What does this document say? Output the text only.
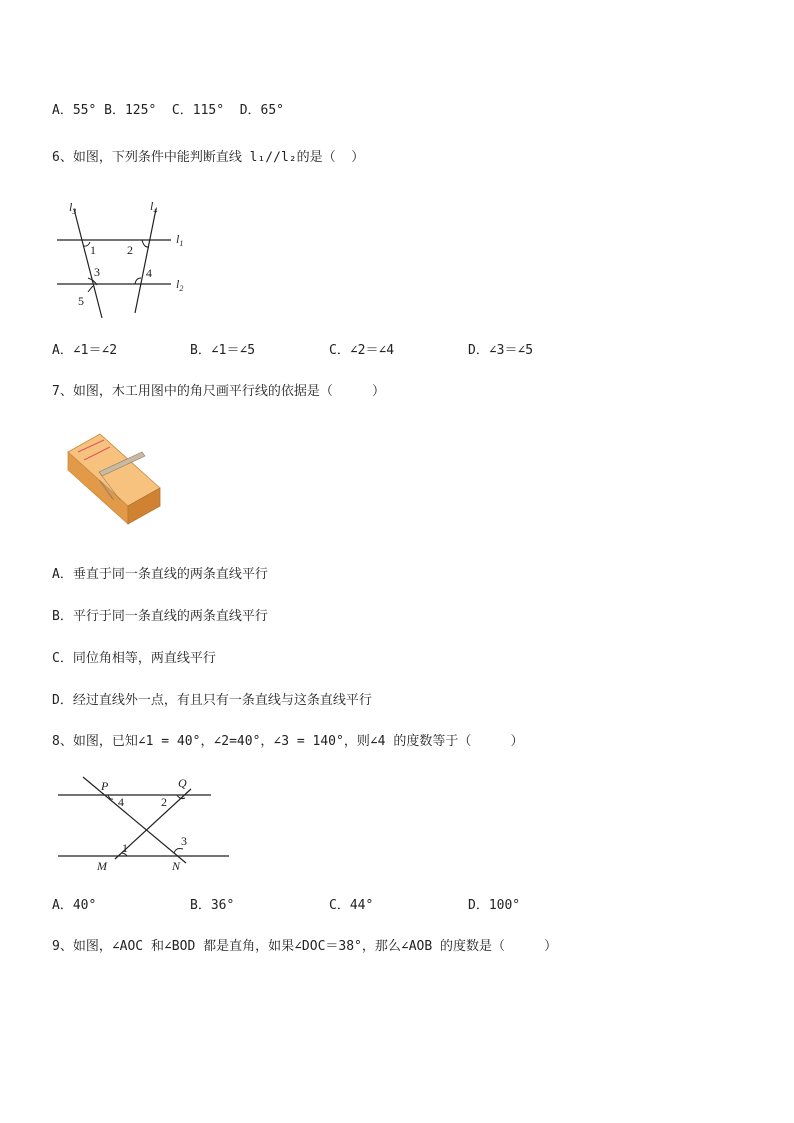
A．55° B．125°  C．115°  D．65°
6、如图，下列条件中能判断直线 l₁∕∕l₂的是（  ）
$l_3$	$l_4$
$l_1$
$l_2$
1	2
3	4
5
A．∠1＝∠2	B．∠1＝∠5	C．∠2＝∠4	D．∠3＝∠5
7、如图，木工用图中的角尺画平行线的依据是（     ）
A．垂直于同一条直线的两条直线平行
B．平行于同一条直线的两条直线平行
C．同位角相等，两直线平行
D．经过直线外一点，有且只有一条直线与这条直线平行
8、如图，已知∠1 = 40°，∠2=40°，∠3 = 140°，则∠4 的度数等于（     ）
P	Q
M	N
1
2
3
4
A．40°	B．36°	C．44°	D．100°
9、如图，∠AOC 和∠BOD 都是直角，如果∠DOC＝38°，那么∠AOB 的度数是（     ）
